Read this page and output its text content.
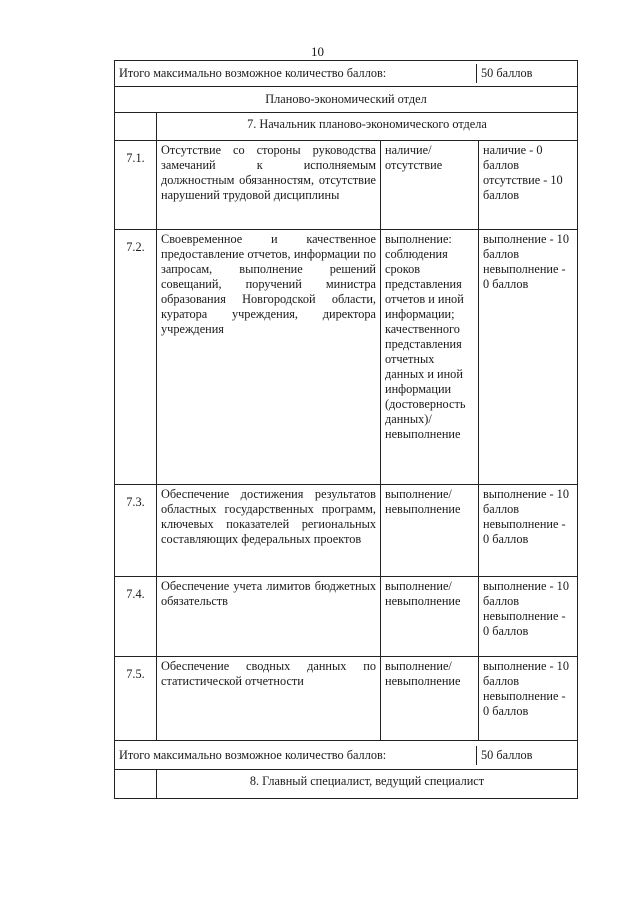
10
Итого максимально возможное количество баллов:	50 баллов
Планово-экономический отдел
7. Начальник планово-экономического отдела
7.1.
Отсутствие со стороны руководства замечаний к исполняемым должностным обязанностям, отсутствие нарушений трудовой дисциплины
наличие/отсутствие
наличие - 0 баллов отсутствие - 10 баллов
7.2.
Своевременное и качественное предоставление отчетов, информации по запросам, выполнение решений совещаний, поручений министра образования Новгородской области, куратора учреждения, директора учреждения
выполнение: соблюдения сроков представления отчетов и иной информации; качественного представления отчетных данных и иной информации (достоверность данных)/невыполнение
выполнение - 10 баллов невыполнение - 0 баллов
7.3.
Обеспечение достижения результатов областных государственных программ, ключевых показателей региональных составляющих федеральных проектов
выполнение/невыполнение
выполнение - 10 баллов невыполнение - 0 баллов
7.4.
Обеспечение учета лимитов бюджетных обязательств
выполнение/невыполнение
выполнение - 10 баллов невыполнение - 0 баллов
7.5.
Обеспечение сводных данных по статистической отчетности
выполнение/невыполнение
выполнение - 10 баллов невыполнение - 0 баллов
Итого максимально возможное количество баллов:	50 баллов
8. Главный специалист, ведущий специалист
